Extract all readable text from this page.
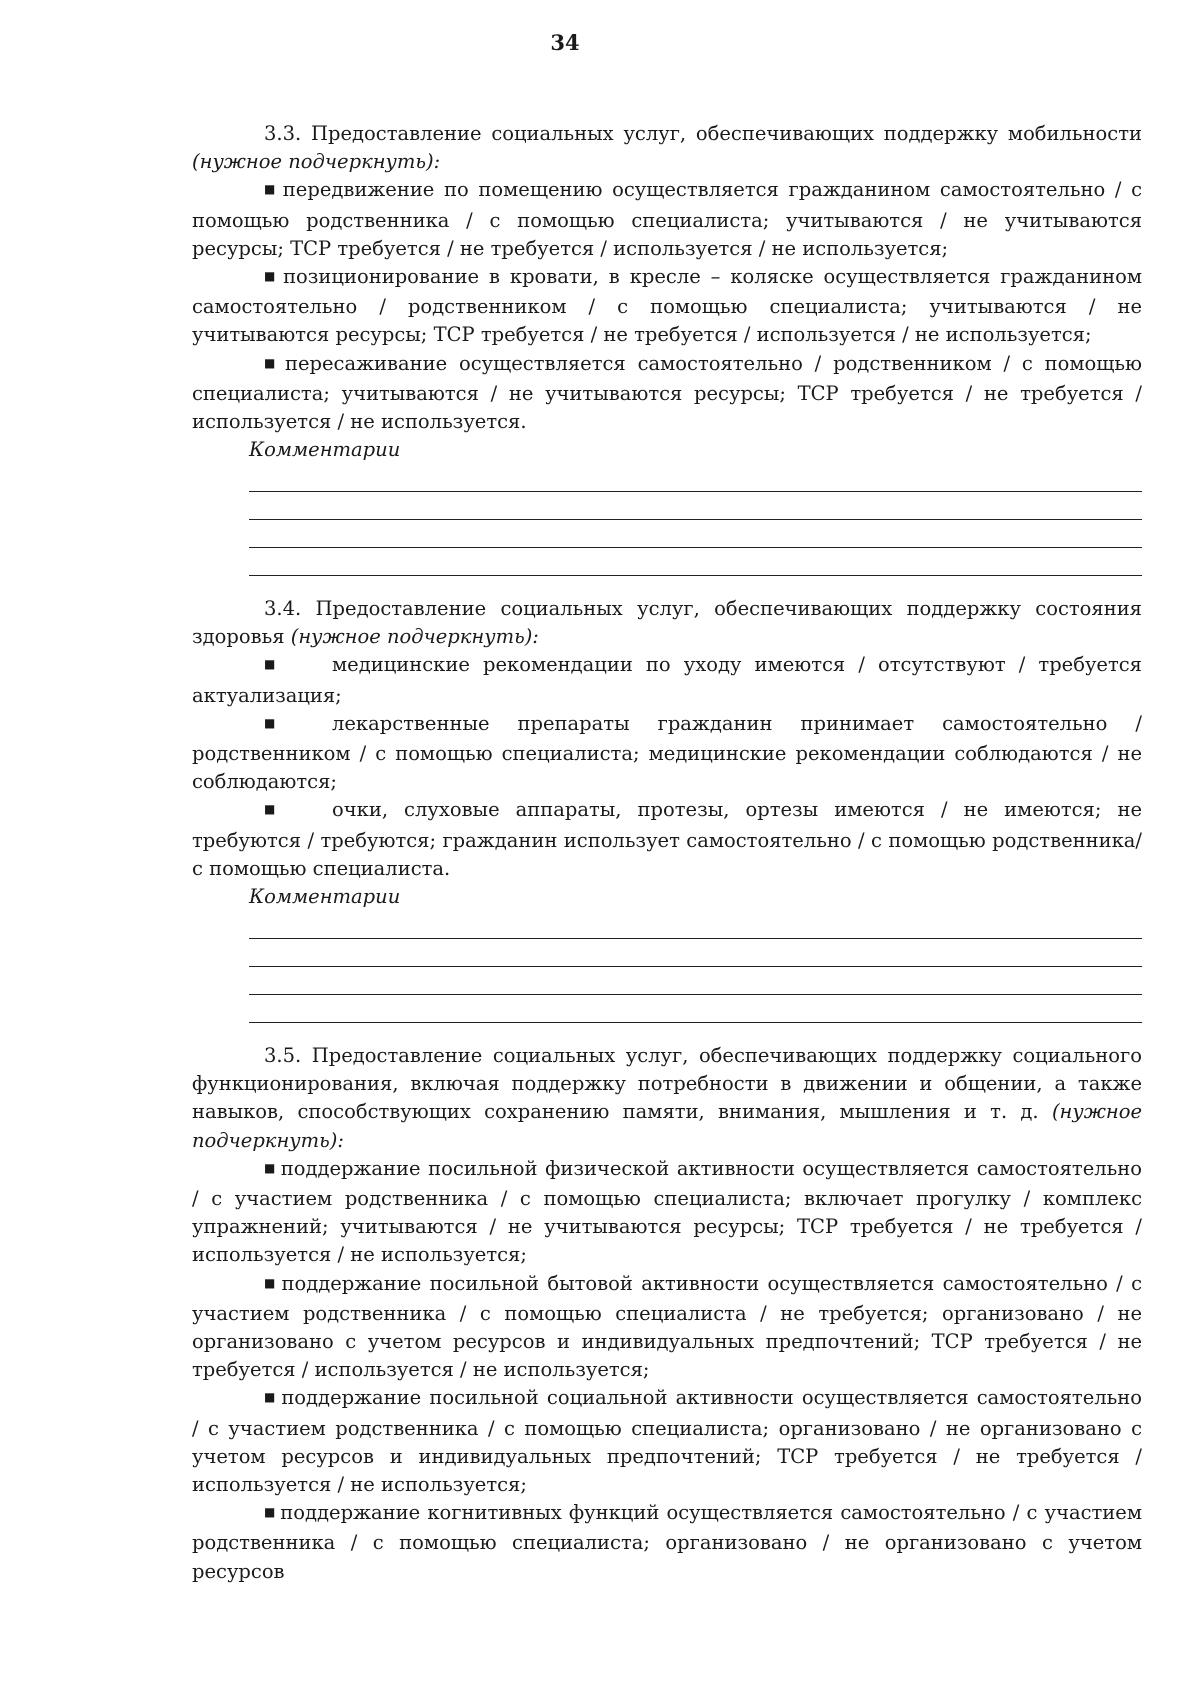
34

3.3. Предоставление социальных услуг, обеспечивающих поддержку мобильности (нужное подчеркнуть):

■ передвижение по помещению осуществляется гражданином самостоятельно / с помощью родственника / с помощью специалиста; учитываются / не учитываются ресурсы; ТСР требуется / не требуется / используется / не используется;

■ позиционирование в кровати, в кресле – коляске осуществляется гражданином самостоятельно / родственником / с помощью специалиста; учитываются / не учитываются ресурсы; ТСР требуется / не требуется / используется / не используется;

■ пересаживание осуществляется самостоятельно / родственником / с помощью специалиста; учитываются / не учитываются ресурсы; ТСР требуется / не требуется / используется / не используется.

Комментарии

3.4. Предоставление социальных услуг, обеспечивающих поддержку состояния здоровья (нужное подчеркнуть):

■	медицинские рекомендации по уходу имеются / отсутствуют / требуется актуализация;

■	лекарственные препараты гражданин принимает самостоятельно / родственником / с помощью специалиста; медицинские рекомендации соблюдаются / не соблюдаются;

■	очки, слуховые аппараты, протезы, ортезы имеются / не имеются; не требуются / требуются; гражданин использует самостоятельно / с помощью родственника/ с помощью специалиста.

Комментарии

3.5. Предоставление социальных услуг, обеспечивающих поддержку социального функционирования, включая поддержку потребности в движении и общении, а также навыков, способствующих сохранению памяти, внимания, мышления и т. д. (нужное подчеркнуть):

■ поддержание посильной физической активности осуществляется самостоятельно / с участием родственника / с помощью специалиста; включает прогулку / комплекс упражнений; учитываются / не учитываются ресурсы; ТСР требуется / не требуется / используется / не используется;

■ поддержание посильной бытовой активности осуществляется самостоятельно / с участием родственника / с помощью специалиста / не требуется; организовано / не организовано с учетом ресурсов и индивидуальных предпочтений; ТСР требуется / не требуется / используется / не используется;

■ поддержание посильной социальной активности осуществляется самостоятельно / с участием родственника / с помощью специалиста; организовано / не организовано с учетом ресурсов и индивидуальных предпочтений; ТСР требуется / не требуется / используется / не используется;

■ поддержание когнитивных функций осуществляется самостоятельно / с участием родственника / с помощью специалиста; организовано / не организовано с учетом ресурсов
